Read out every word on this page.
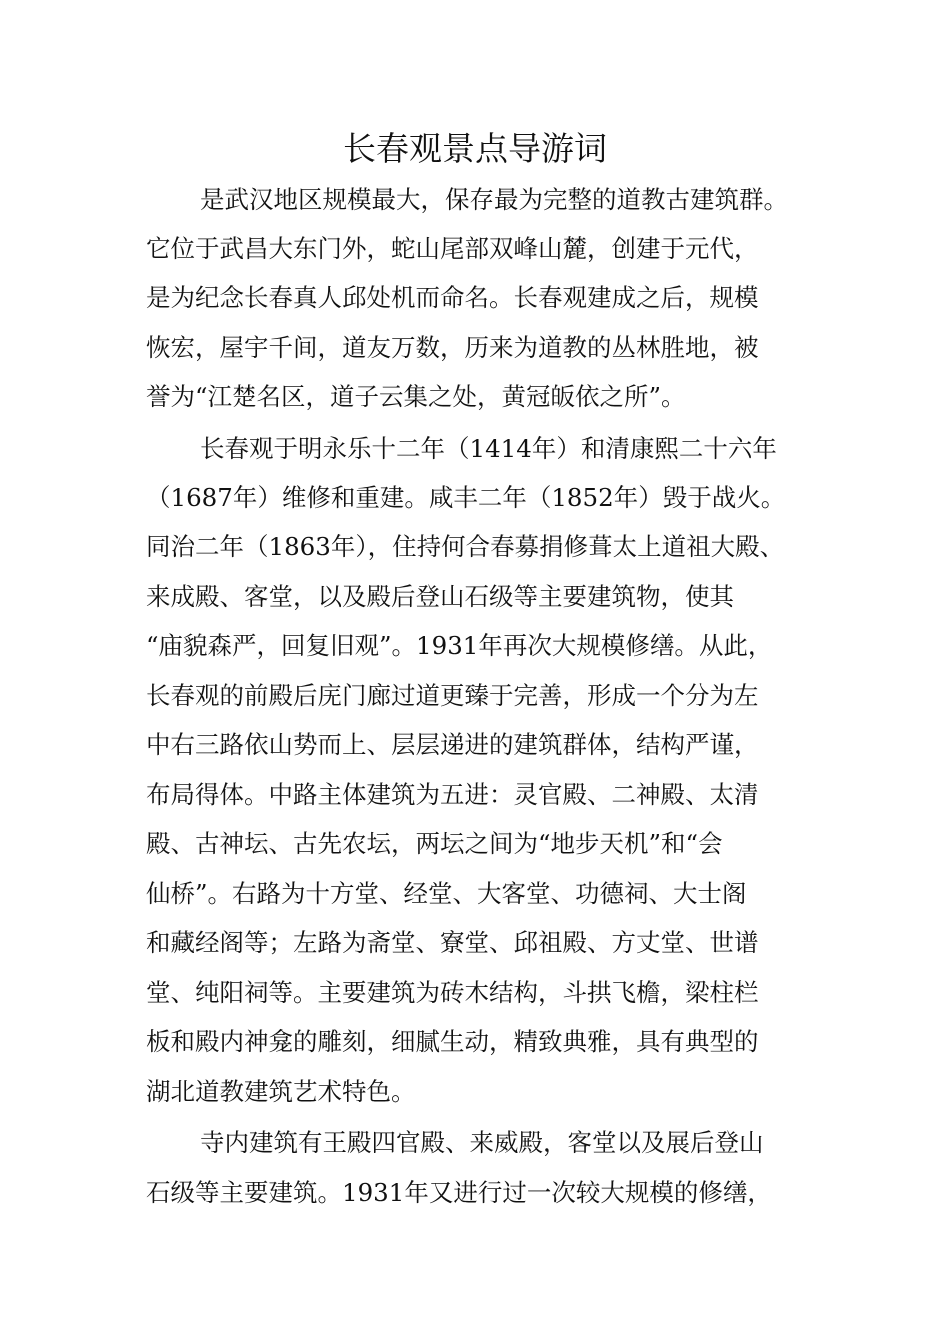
长春观景点导游词
是武汉地区规模最大，保存最为完整的道教古建筑群。
它位于武昌大东门外，蛇山尾部双峰山麓，创建于元代，
是为纪念长春真人邱处机而命名。长春观建成之后，规模
恢宏，屋宇千间，道友万数，历来为道教的丛林胜地，被
誉为“江楚名区，道子云集之处，黄冠皈依之所”。
长春观于明永乐十二年（1414年）和清康熙二十六年
（1687年）维修和重建。咸丰二年（1852年）毁于战火。
同治二年（1863年），住持何合春募捐修葺太上道祖大殿、
来成殿、客堂，以及殿后登山石级等主要建筑物，使其
“庙貌森严，回复旧观”。1931年再次大规模修缮。从此，
长春观的前殿后庑门廊过道更臻于完善，形成一个分为左
中右三路依山势而上、层层递进的建筑群体，结构严谨，
布局得体。中路主体建筑为五进：灵官殿、二神殿、太清
殿、古神坛、古先农坛，两坛之间为“地步天机”和“会
仙桥”。右路为十方堂、经堂、大客堂、功德祠、大士阁
和藏经阁等；左路为斋堂、寮堂、邱祖殿、方丈堂、世谱
堂、纯阳祠等。主要建筑为砖木结构，斗拱飞檐，梁柱栏
板和殿内神龛的雕刻，细腻生动，精致典雅，具有典型的
湖北道教建筑艺术特色。
寺内建筑有王殿四官殿、来威殿，客堂以及展后登山
石级等主要建筑。1931年又进行过一次较大规模的修缮，
